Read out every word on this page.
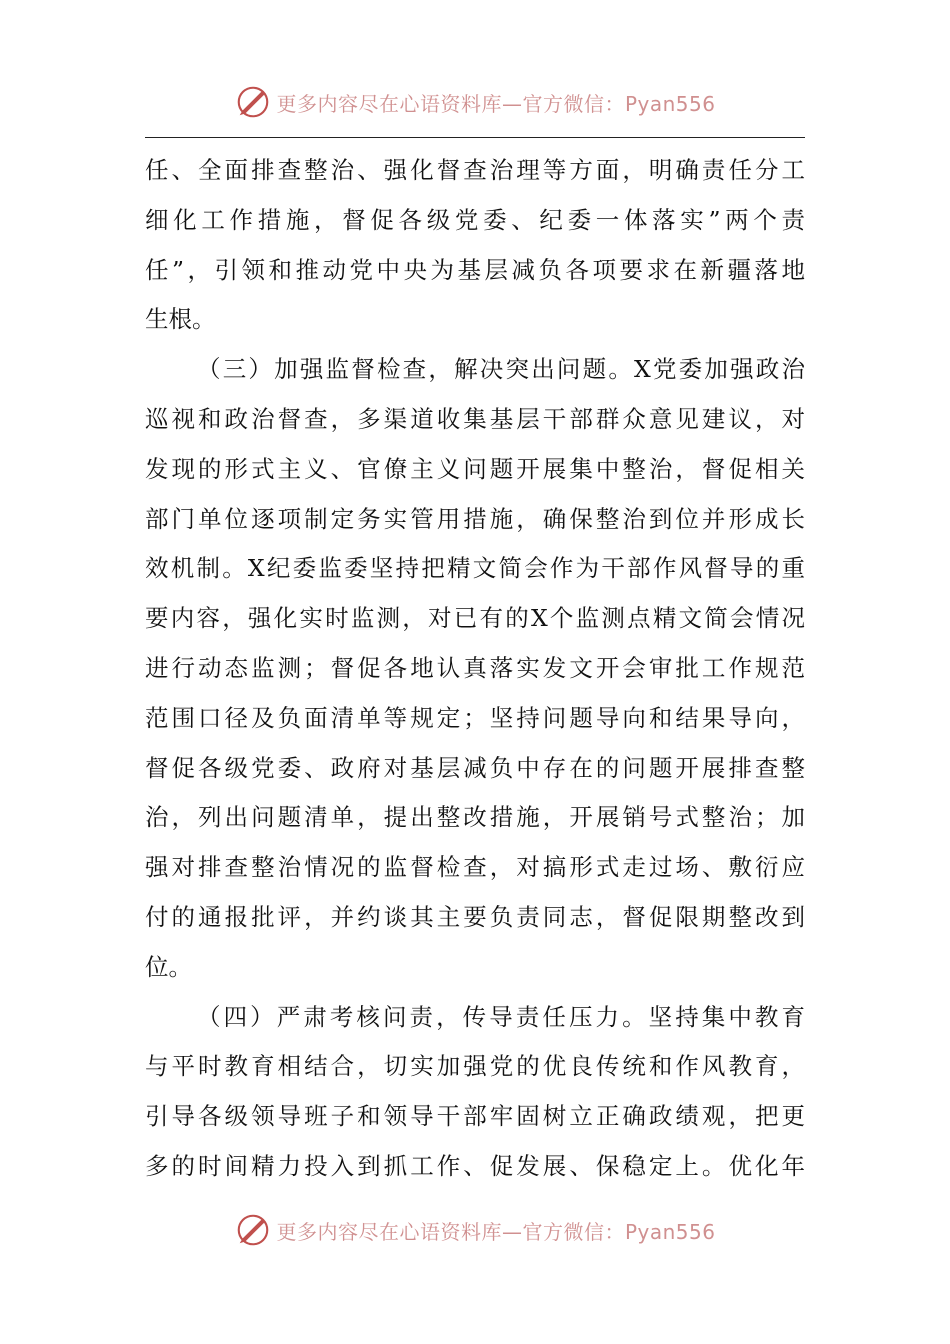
更多内容尽在心语资料库—官方微信：Pyan556
任、全面排查整治、强化督查治理等方面，明确责任分工
细化工作措施，督促各级党委、纪委一体落实”两个责
任”，引领和推动党中央为基层减负各项要求在新疆落地
生根。
（三）加强监督检查，解决突出问题。X党委加强政治
巡视和政治督查，多渠道收集基层干部群众意见建议，对
发现的形式主义、官僚主义问题开展集中整治，督促相关
部门单位逐项制定务实管用措施，确保整治到位并形成长
效机制。X纪委监委坚持把精文简会作为干部作风督导的重
要内容，强化实时监测，对已有的X个监测点精文简会情况
进行动态监测；督促各地认真落实发文开会审批工作规范
范围口径及负面清单等规定；坚持问题导向和结果导向，
督促各级党委、政府对基层减负中存在的问题开展排查整
治，列出问题清单，提出整改措施，开展销号式整治；加
强对排查整治情况的监督检查，对搞形式走过场、敷衍应
付的通报批评，并约谈其主要负责同志，督促限期整改到
位。
（四）严肃考核问责，传导责任压力。坚持集中教育
与平时教育相结合，切实加强党的优良传统和作风教育，
引导各级领导班子和领导干部牢固树立正确政绩观，把更
多的时间精力投入到抓工作、促发展、保稳定上。优化年
更多内容尽在心语资料库—官方微信：Pyan556
